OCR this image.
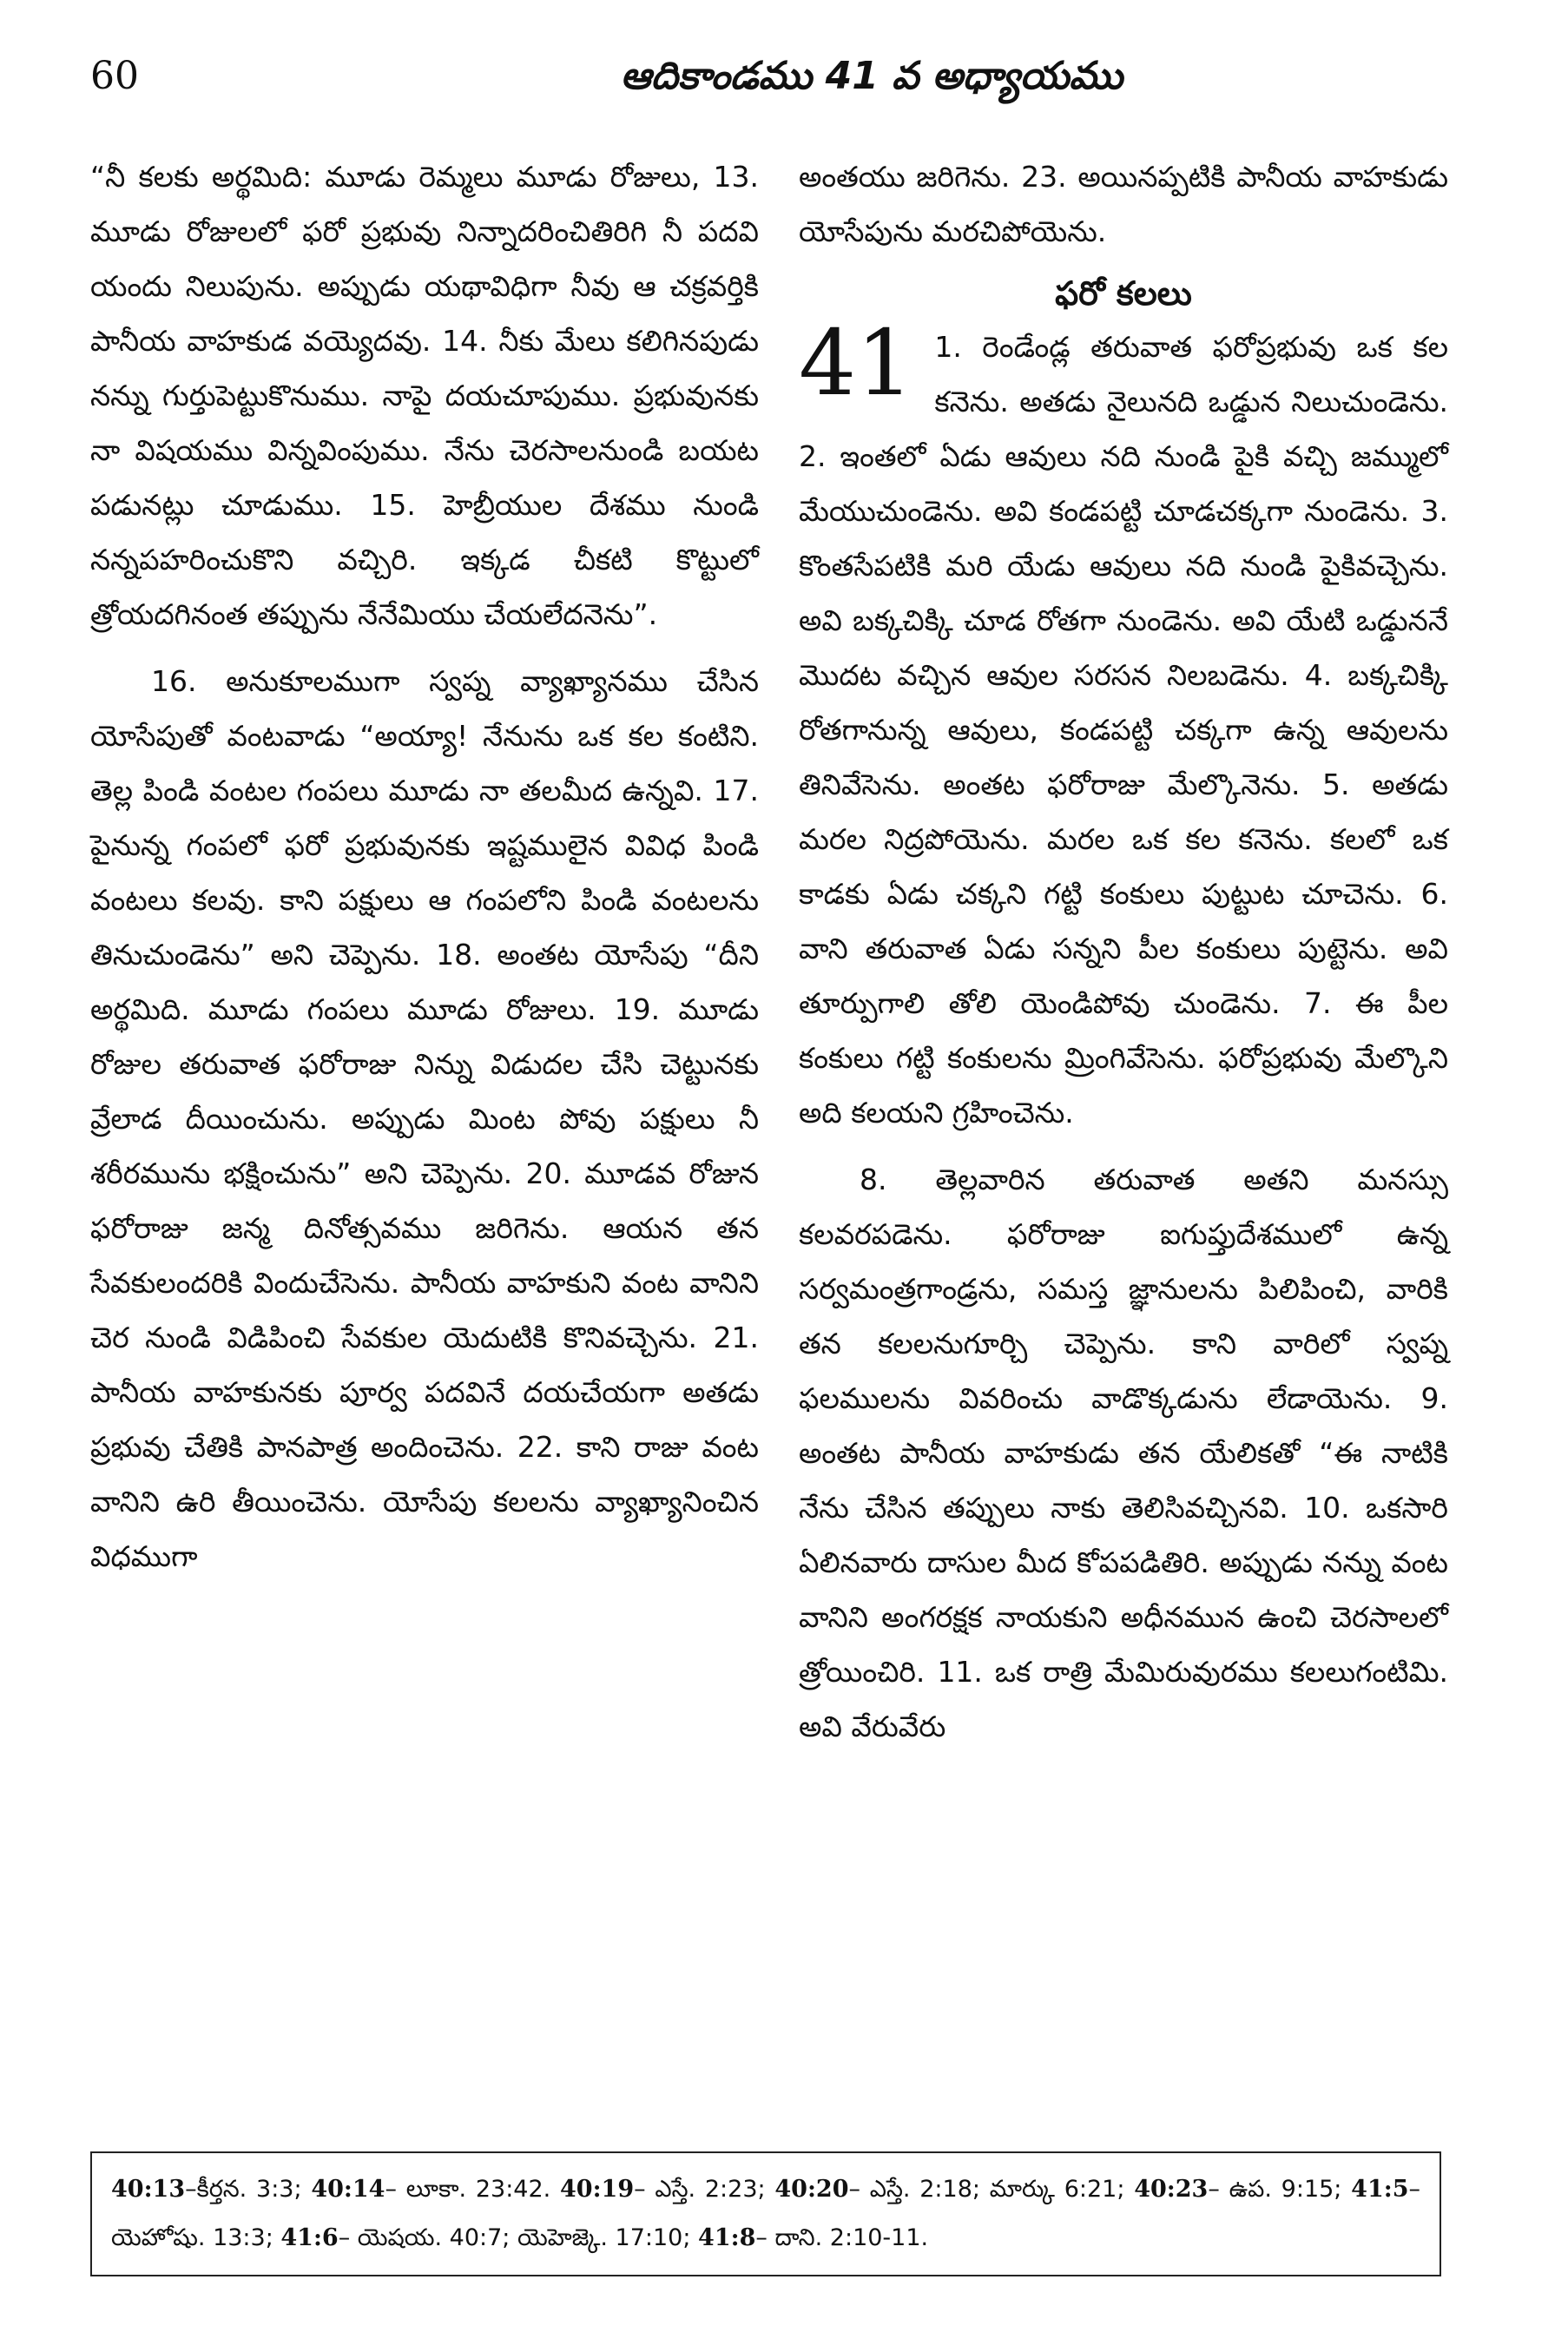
60	ఆదికాండము 41 వ అధ్యాయము

“నీ కలకు అర్థమిది: మూడు రెమ్మలు మూడు రోజులు, 13. మూడు రోజులలో ఫరో ప్రభువు నిన్నాదరించితిరిగి నీ పదవి యందు నిలుపును. అప్పుడు యథావిధిగా నీవు ఆ చక్రవర్తికి పానీయ వాహకుడ వయ్యెదవు. 14. నీకు మేలు కలిగినపుడు నన్ను గుర్తుపెట్టుకొనుము. నాపై దయచూపుము. ప్రభువునకు నా విషయము విన్నవింపుము. నేను చెరసాలనుండి బయట పడునట్లు చూడుము. 15. హెబ్రీయుల దేశము నుండి నన్నపహరించుకొని వచ్చిరి. ఇక్కడ చీకటి కొట్టులో త్రోయదగినంత తప్పును నేనేమియు చేయలేదనెను”.

16. అనుకూలముగా స్వప్న వ్యాఖ్యానము చేసిన యోసేపుతో వంటవాడు “అయ్యా! నేనును ఒక కల కంటిని. తెల్ల పిండి వంటల గంపలు మూడు నా తలమీద ఉన్నవి. 17. పైనున్న గంపలో ఫరో ప్రభువునకు ఇష్టములైన వివిధ పిండి వంటలు కలవు. కాని పక్షులు ఆ గంపలోని పిండి వంటలను తినుచుండెను” అని చెప్పెను. 18. అంతట యోసేపు “దీని అర్థమిది. మూడు గంపలు మూడు రోజులు. 19. మూడు రోజుల తరువాత ఫరోరాజు నిన్ను విడుదల చేసి చెట్టునకు వ్రేలాడ దీయించును. అప్పుడు మింట పోవు పక్షులు నీ శరీరమును భక్షించును” అని చెప్పెను. 20. మూడవ రోజున ఫరోరాజు జన్మ దినోత్సవము జరిగెను. ఆయన తన సేవకులందరికి విందుచేసెను. పానీయ వాహకుని వంట వానిని చెర నుండి విడిపించి సేవకుల యెదుటికి కొనివచ్చెను. 21. పానీయ వాహకునకు పూర్వ పదవినే దయచేయగా అతడు ప్రభువు చేతికి పానపాత్ర అందించెను. 22. కాని రాజు వంట వానిని ఉరి తీయించెను. యోసేపు కలలను వ్యాఖ్యానించిన విధముగా

అంతయు జరిగెను. 23. అయినప్పటికి పానీయ వాహకుడు యోసేపును మరచిపోయెను.

ఫరో కలలు

41 1. రెండేండ్ల తరువాత ఫరోప్రభువు ఒక కల కనెను. అతడు నైలునది ఒడ్డున నిలుచుండెను. 2. ఇంతలో ఏడు ఆవులు నది నుండి పైకి వచ్చి జమ్ములో మేయుచుండెను. అవి కండపట్టి చూడచక్కగా నుండెను. 3. కొంతసేపటికి మరి యేడు ఆవులు నది నుండి పైకివచ్చెను. అవి బక్కచిక్కి చూడ రోతగా నుండెను. అవి యేటి ఒడ్డుననే మొదట వచ్చిన ఆవుల సరసన నిలబడెను. 4. బక్కచిక్కి రోతగానున్న ఆవులు, కండపట్టి చక్కగా ఉన్న ఆవులను తినివేసెను. అంతట ఫరోరాజు మేల్కొనెను. 5. అతడు మరల నిద్రపోయెను. మరల ఒక కల కనెను. కలలో ఒక కాడకు ఏడు చక్కని గట్టి కంకులు పుట్టుట చూచెను. 6. వాని తరువాత ఏడు సన్నని పీల కంకులు పుట్టెను. అవి తూర్పుగాలి తోలి యెండిపోవు చుండెను. 7. ఈ పీల కంకులు గట్టి కంకులను మ్రింగివేసెను. ఫరోప్రభువు మేల్కొని అది కలయని గ్రహించెను.

8. తెల్లవారిన తరువాత అతని మనస్సు కలవరపడెను. ఫరోరాజు ఐగుప్తుదేశములో ఉన్న సర్వమంత్రగాండ్రను, సమస్త జ్ఞానులను పిలిపించి, వారికి తన కలలనుగూర్చి చెప్పెను. కాని వారిలో స్వప్న ఫలములను వివరించు వాడొక్కడును లేడాయెను. 9. అంతట పానీయ వాహకుడు తన యేలికతో “ఈ నాటికి నేను చేసిన తప్పులు నాకు తెలిసివచ్చినవి. 10. ఒకసారి ఏలినవారు దాసుల మీద కోపపడితిరి. అప్పుడు నన్ను వంట వానిని అంగరక్షక నాయకుని అధీనమున ఉంచి చెరసాలలో త్రోయించిరి. 11. ఒక రాత్రి మేమిరువురము కలలుగంటిమి. అవి వేరువేరు

40:13–కీర్తన. 3:3; 40:14– లూకా. 23:42. 40:19– ఎస్తే. 2:23; 40:20– ఎస్తే. 2:18; మార్కు 6:21; 40:23– ఉప. 9:15; 41:5– యెహోషు. 13:3; 41:6– యెషయ. 40:7; యెహెజ్కె. 17:10; 41:8– దాని. 2:10-11.
